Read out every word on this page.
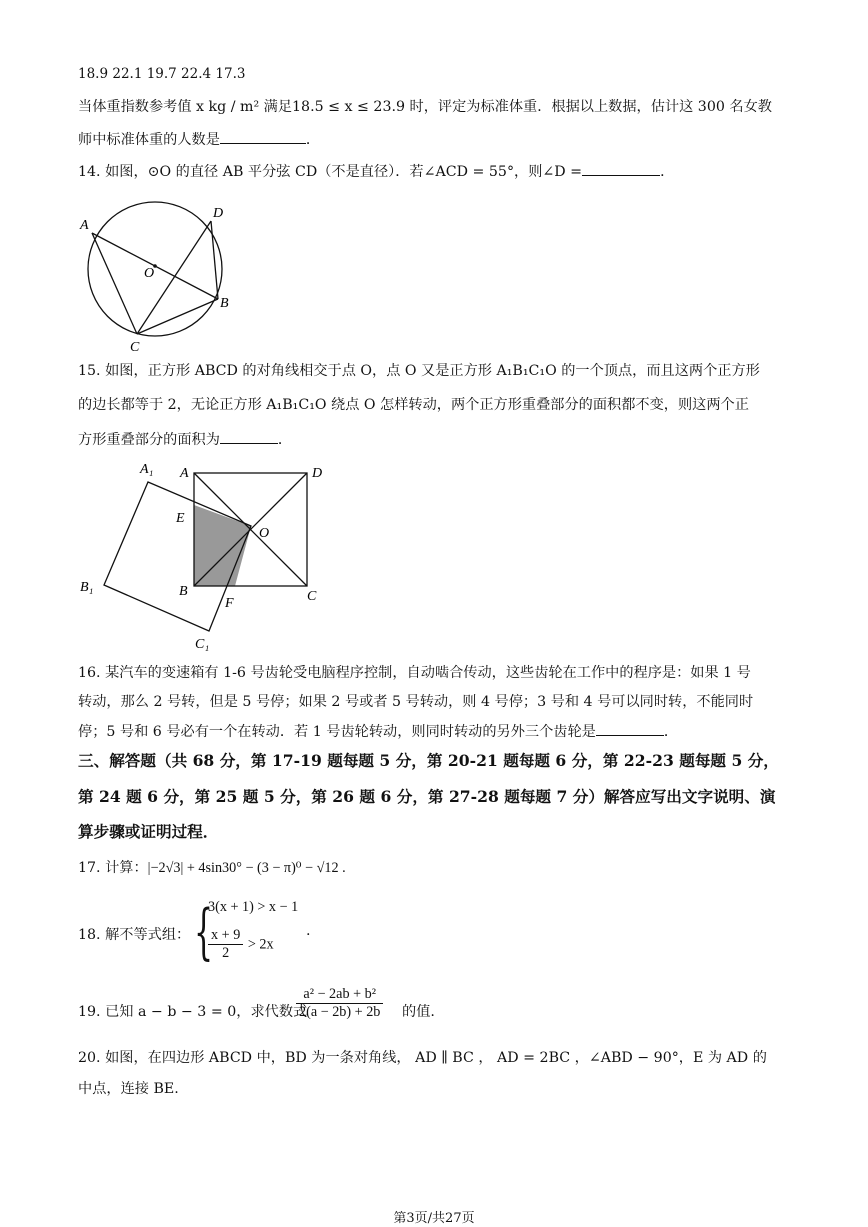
18.9 22.1 19.7 22.4 17.3
当体重指数参考值 x kg / m² 满足18.5 ≤ x ≤ 23.9 时，评定为标准体重．根据以上数据，估计这 300 名女教
师中标准体重的人数是	．
14. 如图，⊙O 的直径 AB 平分弦 CD（不是直径）．若∠ACD = 55°，则∠D =	．
A
D
O
B
C
15. 如图，正方形 ABCD 的对角线相交于点 O，点 O 又是正方形 A₁B₁C₁O 的一个顶点，而且这两个正方形
的边长都等于 2，无论正方形 A₁B₁C₁O 绕点 O 怎样转动，两个正方形重叠部分的面积都不变，则这两个正
方形重叠部分的面积为	．
A₁ A	D
E
O
B₁	B
F	C
C₁
16. 某汽车的变速箱有 1-6 号齿轮受电脑程序控制，自动啮合传动，这些齿轮在工作中的程序是：如果 1 号
转动，那么 2 号转，但是 5 号停；如果 2 号或者 5 号转动，则 4 号停；3 号和 4 号可以同时转，不能同时
停；5 号和 6 号必有一个在转动．若 1 号齿轮转动，则同时转动的另外三个齿轮是	．
三、解答题（共 68 分，第 17-19 题每题 5 分，第 20-21 题每题 6 分，第 22-23 题每题 5 分，
第 24 题 6 分，第 25 题 5 分，第 26 题 6 分，第 27-28 题每题 7 分）解答应写出文字说明、演
算步骤或证明过程．
17. 计算：|−2√3| + 4sin30° − (3 − π)⁰ − √12 .
18. 解不等式组： {
3(x + 1) > x − 1
$\frac{x + 9}{2} > 2x$
.
19. 已知 a − b − 3 = 0，求代数式
$\frac{\text{a² − 2ab + b²}}{2(a - 2b) + 2b}$ 的值.
20. 如图，在四边形 ABCD 中，BD 为一条对角线， AD ∥ BC ， AD = 2BC ，∠ABD − 90°，E 为 AD 的
中点，连接 BE.
第3页/共27页
